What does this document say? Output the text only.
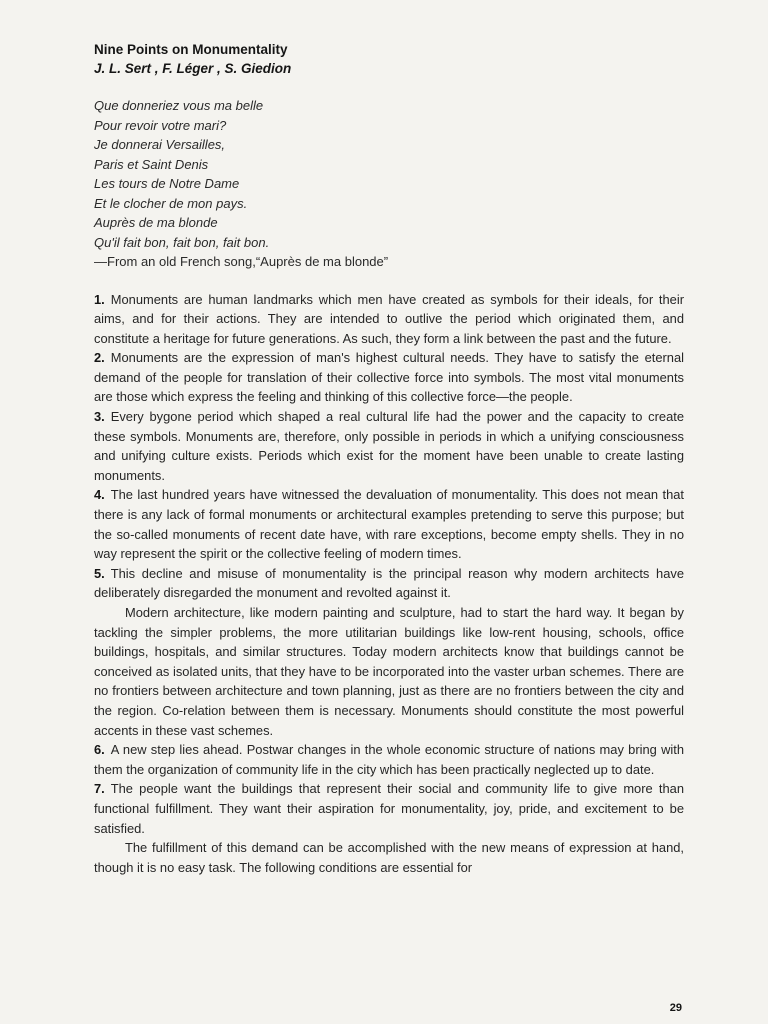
Nine Points on Monumentality
J. L. Sert , F. Léger , S. Giedion
Que donneriez vous ma belle
Pour revoir votre mari?
Je donnerai Versailles,
Paris et Saint Denis
Les tours de Notre Dame
Et le clocher de mon pays.
Auprès de ma blonde
Qu'il fait bon, fait bon, fait bon.
—From an old French song,“Auprès de ma blonde”

1. Monuments are human landmarks which men have created as symbols for their ideals, for their aims, and for their actions. They are intended to outlive the period which originated them, and constitute a heritage for future generations. As such, they form a link between the past and the future.

2. Monuments are the expression of man's highest cultural needs. They have to satisfy the eternal demand of the people for translation of their collective force into symbols. The most vital monuments are those which express the feeling and thinking of this collective force—the people.

3. Every bygone period which shaped a real cultural life had the power and the capacity to create these symbols. Monuments are, therefore, only possible in periods in which a unifying consciousness and unifying culture exists. Periods which exist for the moment have been unable to create lasting monuments.

4. The last hundred years have witnessed the devaluation of monumentality. This does not mean that there is any lack of formal monuments or architectural examples pretending to serve this purpose; but the so-called monuments of recent date have, with rare exceptions, become empty shells. They in no way represent the spirit or the collective feeling of modern times.

5. This decline and misuse of monumentality is the principal reason why modern architects have deliberately disregarded the monument and revolted against it.

Modern architecture, like modern painting and sculpture, had to start the hard way. It began by tackling the simpler problems, the more utilitarian buildings like low-rent housing, schools, office buildings, hospitals, and similar structures. Today modern architects know that buildings cannot be conceived as isolated units, that they have to be incorporated into the vaster urban schemes. There are no frontiers between architecture and town planning, just as there are no frontiers between the city and the region. Co-relation between them is necessary. Monuments should constitute the most powerful accents in these vast schemes.

6. A new step lies ahead. Postwar changes in the whole economic structure of nations may bring with them the organization of community life in the city which has been practically neglected up to date.

7. The people want the buildings that represent their social and community life to give more than functional fulfillment. They want their aspiration for monumentality, joy, pride, and excitement to be satisfied.

The fulfillment of this demand can be accomplished with the new means of expression at hand, though it is no easy task. The following conditions are essential for

29
